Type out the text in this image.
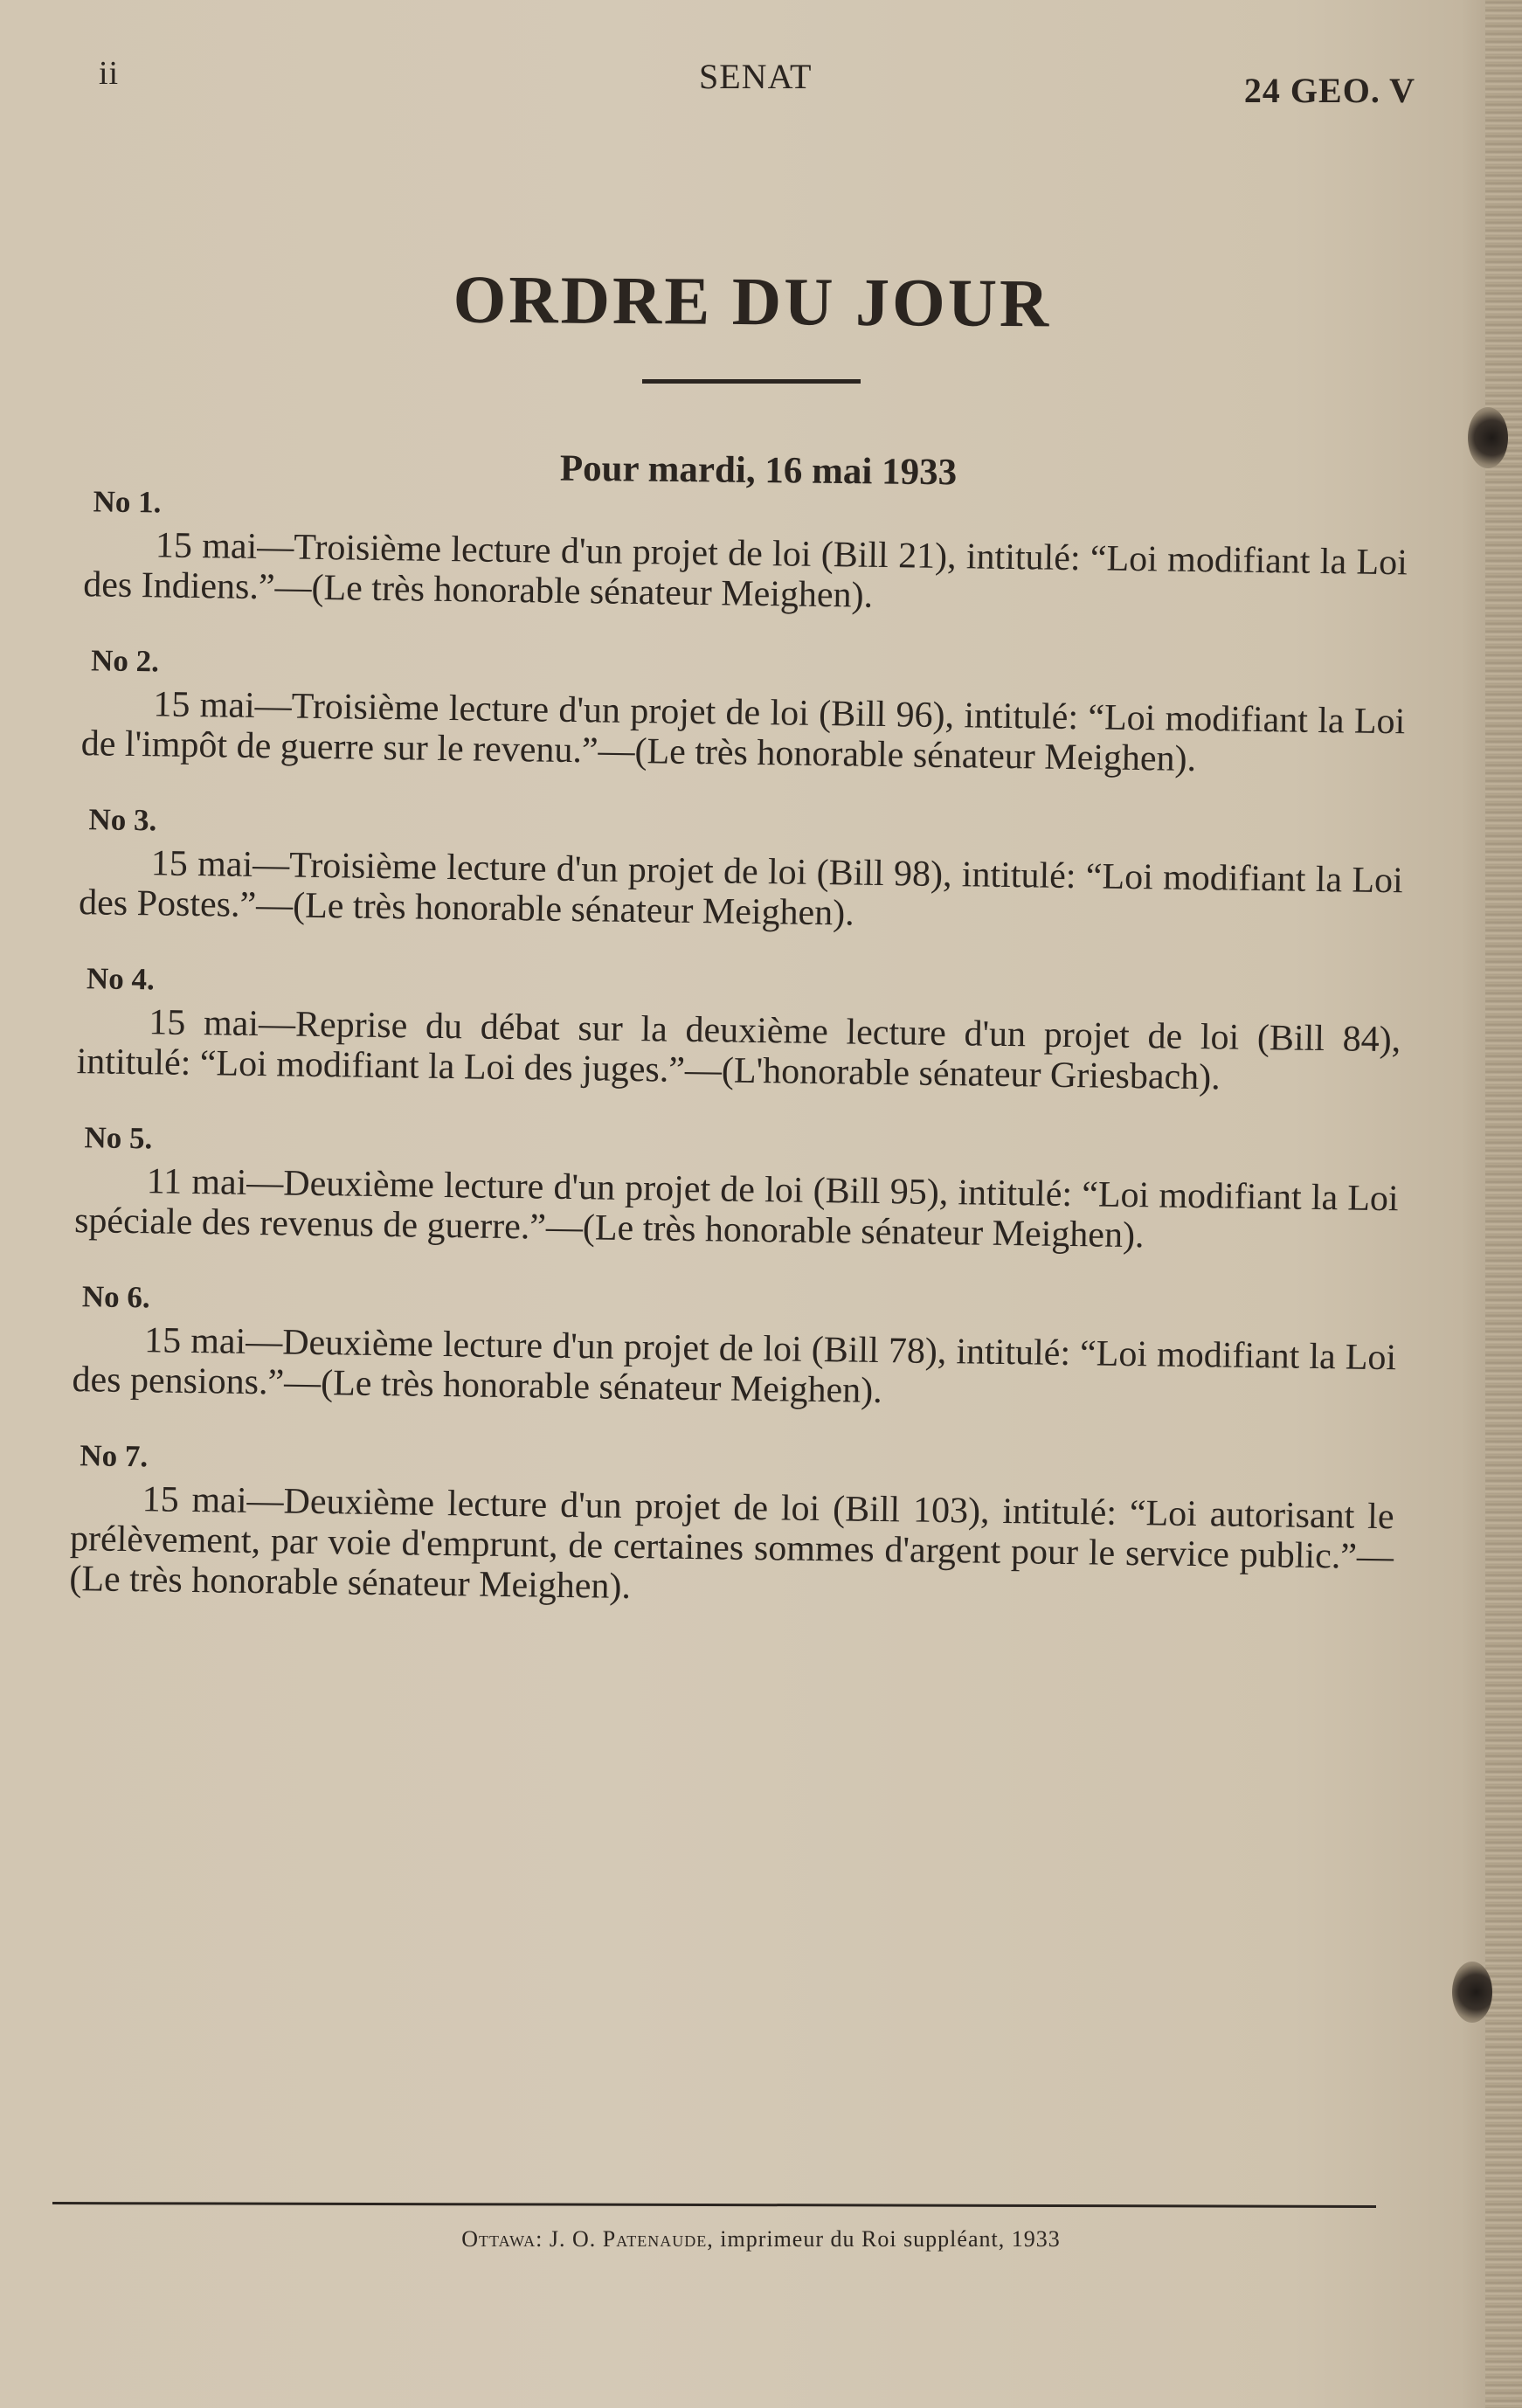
ii	SENAT	24 GEO. V
ORDRE DU JOUR
Pour mardi, 16 mai 1933
No 1.

15 mai—Troisième lecture d'un projet de loi (Bill 21), intitulé: “Loi modifiant la Loi des Indiens.”—(Le très honorable sénateur Meighen).

No 2.

15 mai—Troisième lecture d'un projet de loi (Bill 96), intitulé: “Loi modifiant la Loi de l'impôt de guerre sur le revenu.”—(Le très honorable sénateur Meighen).

No 3.

15 mai—Troisième lecture d'un projet de loi (Bill 98), intitulé: “Loi modifiant la Loi des Postes.”—(Le très honorable sénateur Meighen).

No 4.

15 mai—Reprise du débat sur la deuxième lecture d'un projet de loi (Bill 84), intitulé: “Loi modifiant la Loi des juges.”—(L'honorable sénateur Griesbach).

No 5.

11 mai—Deuxième lecture d'un projet de loi (Bill 95), intitulé: “Loi modifiant la Loi spéciale des revenus de guerre.”—(Le très honorable sénateur Meighen).

No 6.

15 mai—Deuxième lecture d'un projet de loi (Bill 78), intitulé: “Loi modifiant la Loi des pensions.”—(Le très honorable sénateur Meighen).

No 7.

15 mai—Deuxième lecture d'un projet de loi (Bill 103), intitulé: “Loi autorisant le prélèvement, par voie d'emprunt, de certaines sommes d'argent pour le service public.”—(Le très honorable sénateur Meighen).

Ottawa: J. O. Patenaude, imprimeur du Roi suppléant, 1933
